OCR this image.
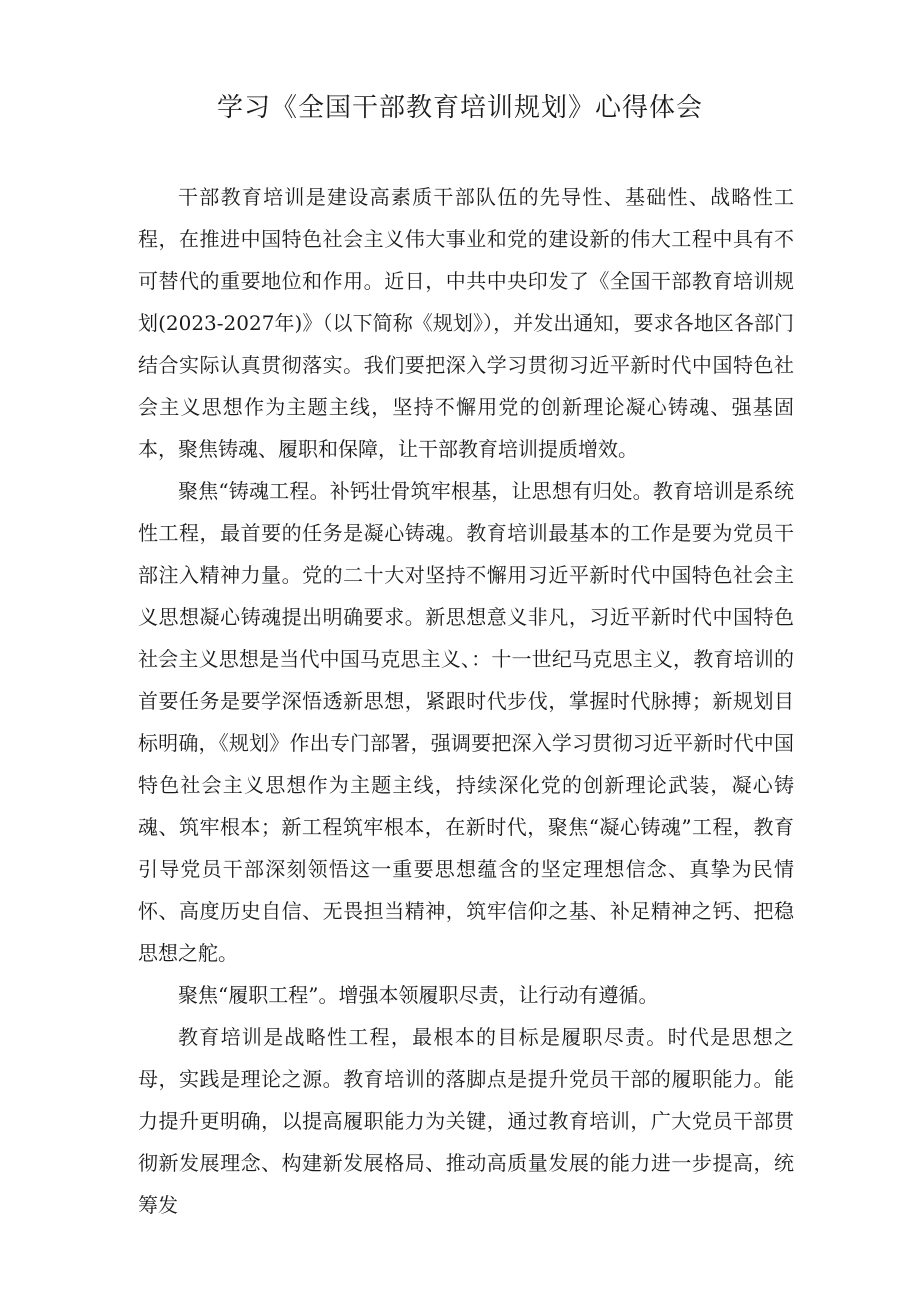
学习《全国干部教育培训规划》心得体会

干部教育培训是建设高素质干部队伍的先导性、基础性、战略性工程，在推进中国特色社会主义伟大事业和党的建设新的伟大工程中具有不可替代的重要地位和作用。近日，中共中央印发了《全国干部教育培训规划(2023-2027年)》（以下简称《规划》），并发出通知，要求各地区各部门结合实际认真贯彻落实。我们要把深入学习贯彻习近平新时代中国特色社会主义思想作为主题主线，坚持不懈用党的创新理论凝心铸魂、强基固本，聚焦铸魂、履职和保障，让干部教育培训提质增效。

聚焦“铸魂工程。补钙壮骨筑牢根基，让思想有归处。教育培训是系统性工程，最首要的任务是凝心铸魂。教育培训最基本的工作是要为党员干部注入精神力量。党的二十大对坚持不懈用习近平新时代中国特色社会主义思想凝心铸魂提出明确要求。新思想意义非凡，习近平新时代中国特色社会主义思想是当代中国马克思主义、：十一世纪马克思主义，教育培训的首要任务是要学深悟透新思想，紧跟时代步伐，掌握时代脉搏；新规划目标明确，《规划》作出专门部署，强调要把深入学习贯彻习近平新时代中国特色社会主义思想作为主题主线，持续深化党的创新理论武装，凝心铸魂、筑牢根本；新工程筑牢根本，在新时代，聚焦“凝心铸魂”工程，教育引导党员干部深刻领悟这一重要思想蕴含的坚定理想信念、真挚为民情怀、高度历史自信、无畏担当精神，筑牢信仰之基、补足精神之钙、把稳思想之舵。

聚焦“履职工程”。增强本领履职尽责，让行动有遵循。

教育培训是战略性工程，最根本的目标是履职尽责。时代是思想之母，实践是理论之源。教育培训的落脚点是提升党员干部的履职能力。能力提升更明确，以提高履职能力为关键，通过教育培训，广大党员干部贯彻新发展理念、构建新发展格局、推动高质量发展的能力进一步提高，统筹发
